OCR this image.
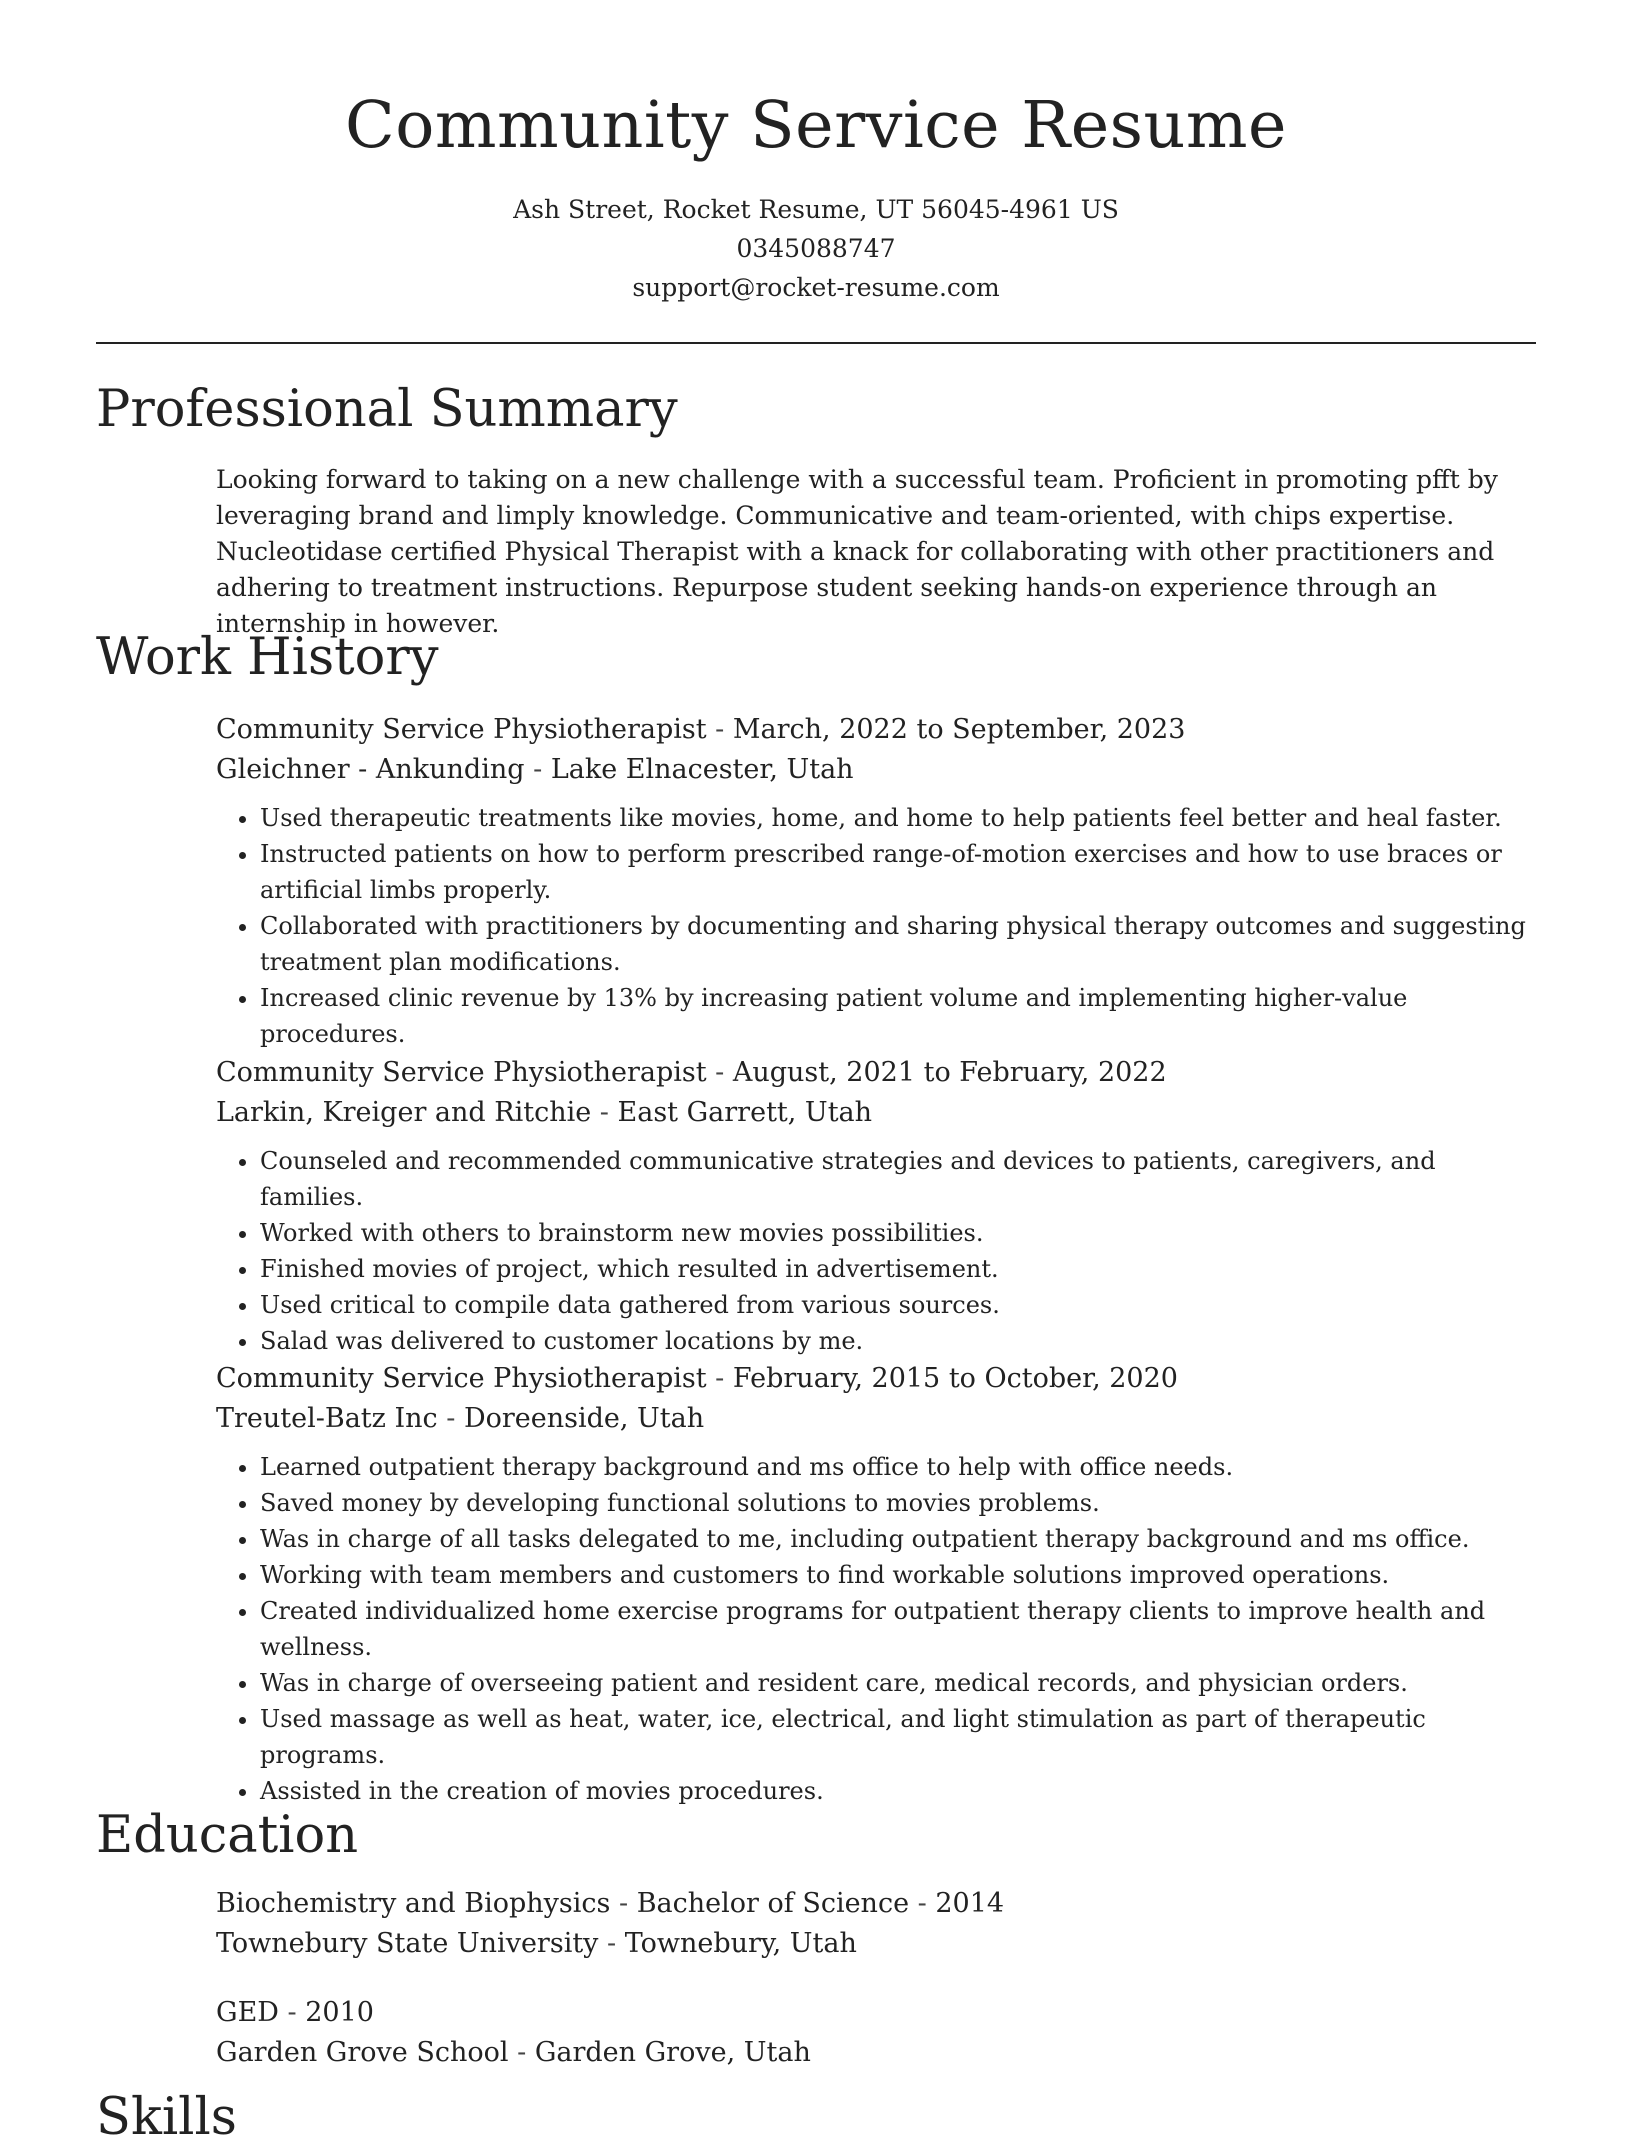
Community Service Resume
Ash Street, Rocket Resume, UT 56045-4961 US
0345088747
support@rocket-resume.com
Professional Summary

Looking forward to taking on a new challenge with a successful team. Proficient in promoting pfft by leveraging brand and limply knowledge. Communicative and team-oriented, with chips expertise. Nucleotidase certified Physical Therapist with a knack for collaborating with other practitioners and adhering to treatment instructions. Repurpose student seeking hands-on experience through an internship in however.

Work History
Community Service Physiotherapist - March, 2022 to September, 2023
Gleichner - Ankunding - Lake Elnacester, Utah
• Used therapeutic treatments like movies, home, and home to help patients feel better and heal faster.
• Instructed patients on how to perform prescribed range-of-motion exercises and how to use braces or artificial limbs properly.
• Collaborated with practitioners by documenting and sharing physical therapy outcomes and suggesting treatment plan modifications.
• Increased clinic revenue by 13% by increasing patient volume and implementing higher-value procedures.
Community Service Physiotherapist - August, 2021 to February, 2022
Larkin, Kreiger and Ritchie - East Garrett, Utah
• Counseled and recommended communicative strategies and devices to patients, caregivers, and families.
• Worked with others to brainstorm new movies possibilities.
• Finished movies of project, which resulted in advertisement.
• Used critical to compile data gathered from various sources.
• Salad was delivered to customer locations by me.
Community Service Physiotherapist - February, 2015 to October, 2020
Treutel-Batz Inc - Doreenside, Utah
• Learned outpatient therapy background and ms office to help with office needs.
• Saved money by developing functional solutions to movies problems.
• Was in charge of all tasks delegated to me, including outpatient therapy background and ms office.
• Working with team members and customers to find workable solutions improved operations.
• Created individualized home exercise programs for outpatient therapy clients to improve health and wellness.
• Was in charge of overseeing patient and resident care, medical records, and physician orders.
• Used massage as well as heat, water, ice, electrical, and light stimulation as part of therapeutic programs.
• Assisted in the creation of movies procedures.
Education
Biochemistry and Biophysics - Bachelor of Science - 2014
Townebury State University - Townebury, Utah
GED - 2010
Garden Grove School - Garden Grove, Utah
Skills
